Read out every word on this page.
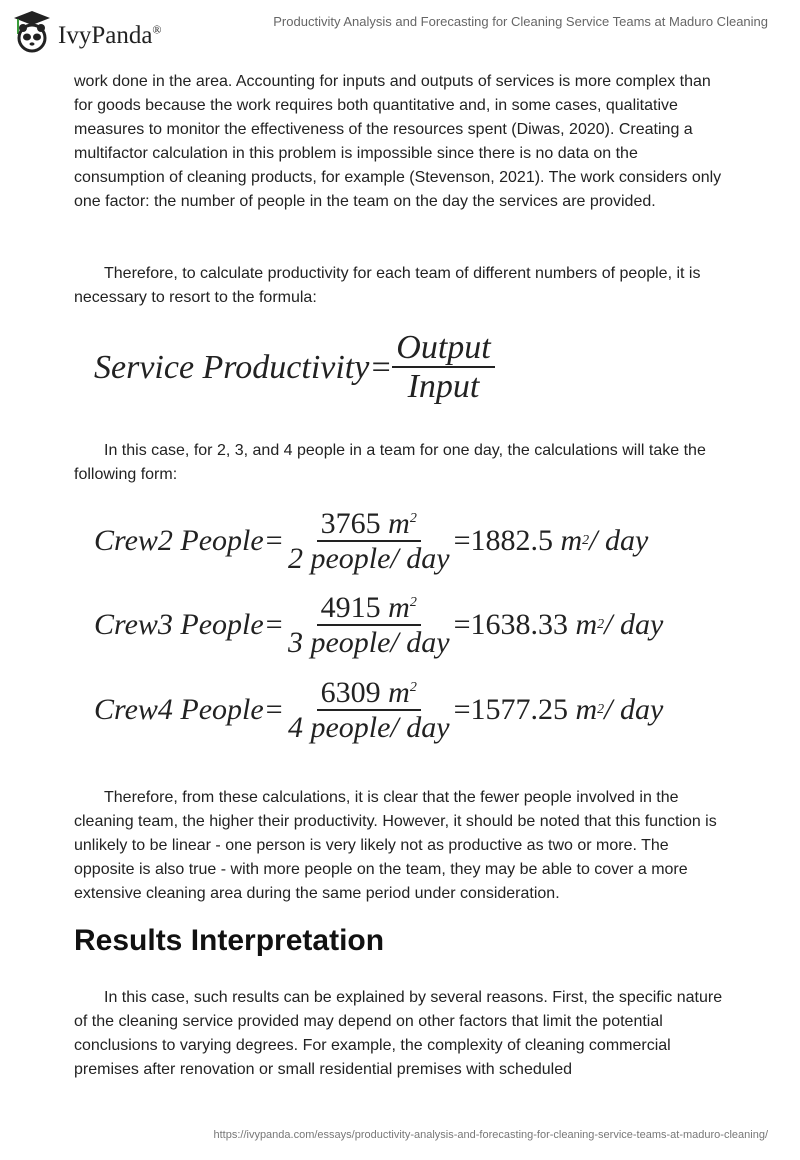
IvyPanda®
Productivity Analysis and Forecasting for Cleaning Service Teams at Maduro Cleaning

work done in the area. Accounting for inputs and outputs of services is more complex than for goods because the work requires both quantitative and, in some cases, qualitative measures to monitor the effectiveness of the resources spent (Diwas, 2020). Creating a multifactor calculation in this problem is impossible since there is no data on the consumption of cleaning products, for example (Stevenson, 2021). The work considers only one factor: the number of people in the team on the day the services are provided.

Therefore, to calculate productivity for each team of different numbers of people, it is necessary to resort to the formula:

Service Productivity= $\frac{\text{Output}}{\text{Input}}$

In this case, for 2, 3, and 4 people in a team for one day, the calculations will take the following form:

Crew2 People= $\frac{3765 m^2}{\text{2 people/ day}} =1882.5$
m 2 / day
Crew3 People= $\frac{4915 m^2}{\text{3 people/ day}} =1638.33$
m 2 / day
Crew4 People= $\frac{6309 m^2}{\text{4 people/ day}} =1577.25$
m 2 / day

Therefore, from these calculations, it is clear that the fewer people involved in the cleaning team, the higher their productivity. However, it should be noted that this function is unlikely to be linear - one person is very likely not as productive as two or more. The opposite is also true - with more people on the team, they may be able to cover a more extensive cleaning area during the same period under consideration.

Results Interpretation

In this case, such results can be explained by several reasons. First, the specific nature of the cleaning service provided may depend on other factors that limit the potential conclusions to varying degrees. For example, the complexity of cleaning commercial premises after renovation or small residential premises with scheduled

https://ivypanda.com/essays/productivity-analysis-and-forecasting-for-cleaning-service-teams-at-maduro-cleaning/
